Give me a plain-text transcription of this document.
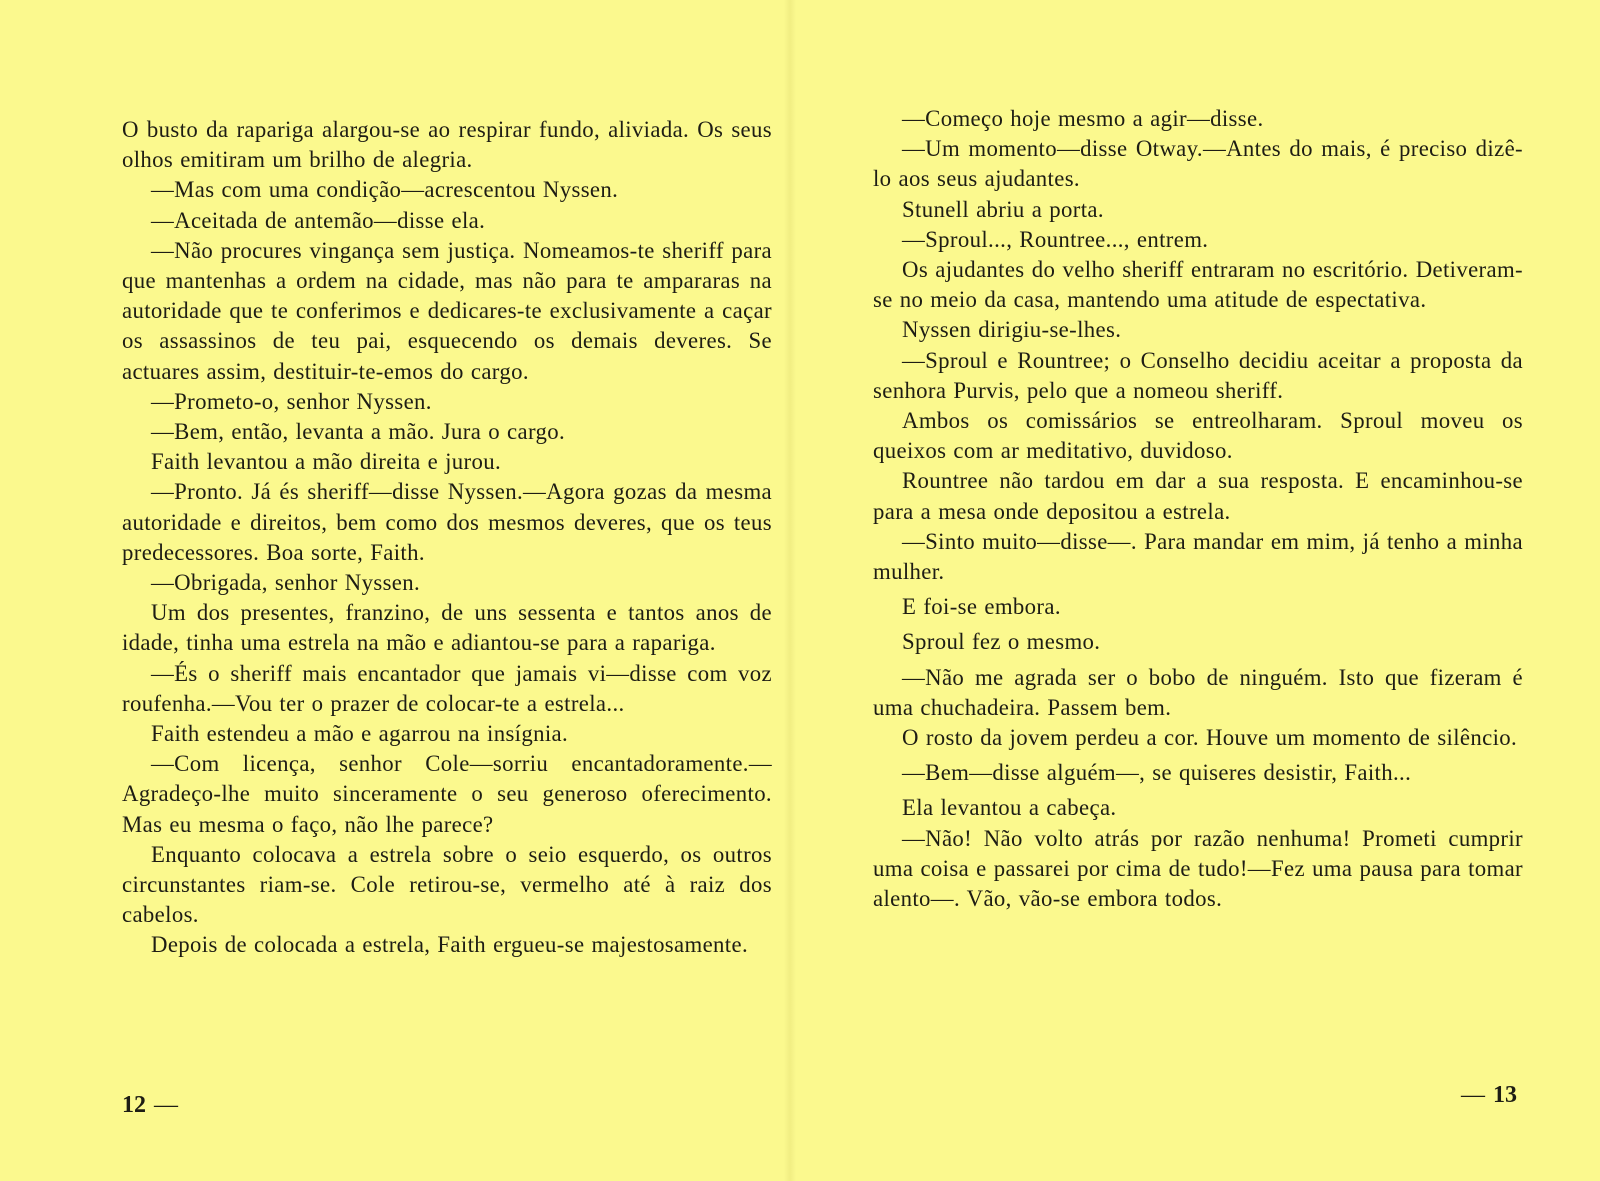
O busto da rapariga alargou-se ao respirar fundo, aliviada. Os seus olhos emitiram um brilho de alegria.

—Mas com uma condição—acrescentou Nyssen.

—Aceitada de antemão—disse ela.

—Não procures vingança sem justiça. Nomeamos-te sheriff para que mantenhas a ordem na cidade, mas não para te ampararas na autoridade que te conferimos e dedicares-te exclusivamente a caçar os assassinos de teu pai, esquecendo os demais deveres. Se actuares assim, destituir-te-emos do cargo.

—Prometo-o, senhor Nyssen.

—Bem, então, levanta a mão. Jura o cargo.

Faith levantou a mão direita e jurou.

—Pronto. Já és sheriff—disse Nyssen.—Agora gozas da mesma autoridade e direitos, bem como dos mesmos deveres, que os teus predecessores. Boa sorte, Faith.

—Obrigada, senhor Nyssen.

Um dos presentes, franzino, de uns sessenta e tantos anos de idade, tinha uma estrela na mão e adiantou-se para a rapariga.

—És o sheriff mais encantador que jamais vi—disse com voz roufenha.—Vou ter o prazer de colocar-te a estrela...

Faith estendeu a mão e agarrou na insígnia.

—Com licença, senhor Cole—sorriu encantadoramente.—Agradeço-lhe muito sinceramente o seu generoso oferecimento. Mas eu mesma o faço, não lhe parece?

Enquanto colocava a estrela sobre o seio esquerdo, os outros circunstantes riam-se. Cole retirou-se, vermelho até à raiz dos cabelos.

Depois de colocada a estrela, Faith ergueu-se majestosamente.

—Começo hoje mesmo a agir—disse.

—Um momento—disse Otway.—Antes do mais, é preciso dizê-lo aos seus ajudantes.

Stunell abriu a porta.

—Sproul..., Rountree..., entrem.

Os ajudantes do velho sheriff entraram no escritório. Detiveram-se no meio da casa, mantendo uma atitude de espectativa.

Nyssen dirigiu-se-lhes.

—Sproul e Rountree; o Conselho decidiu aceitar a proposta da senhora Purvis, pelo que a nomeou sheriff.

Ambos os comissários se entreolharam. Sproul moveu os queixos com ar meditativo, duvidoso.

Rountree não tardou em dar a sua resposta. E encaminhou-se para a mesa onde depositou a estrela.

—Sinto muito—disse—. Para mandar em mim, já tenho a minha mulher.

E foi-se embora.

Sproul fez o mesmo.

—Não me agrada ser o bobo de ninguém. Isto que fizeram é uma chuchadeira. Passem bem.

O rosto da jovem perdeu a cor. Houve um momento de silêncio.

—Bem—disse alguém—, se quiseres desistir, Faith...

Ela levantou a cabeça.

—Não! Não volto atrás por razão nenhuma! Prometi cumprir uma coisa e passarei por cima de tudo!—Fez uma pausa para tomar alento—. Vão, vão-se embora todos.

12 —	— 13
